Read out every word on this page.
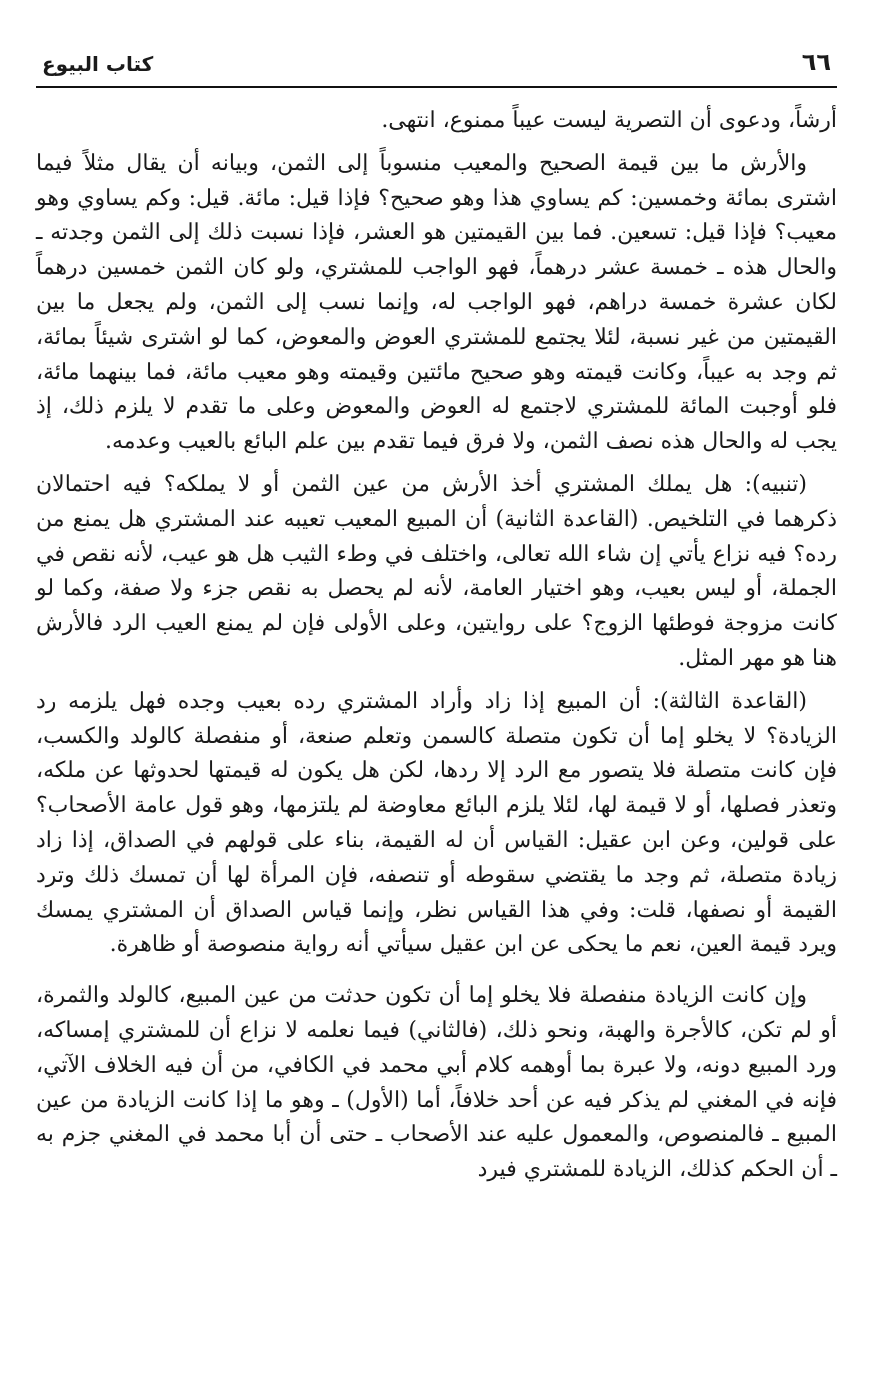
٦٦
كتاب البيوع

أرشاً، ودعوى أن التصرية ليست عيباً ممنوع، انتهى.

والأرش ما بين قيمة الصحيح والمعيب منسوباً إلى الثمن، وبيانه أن يقال مثلاً فيما اشترى بمائة وخمسين: كم يساوي هذا وهو صحيح؟ فإذا قيل: مائة. قيل: وكم يساوي وهو معيب؟ فإذا قيل: تسعين. فما بين القيمتين هو العشر، فإذا نسبت ذلك إلى الثمن وجدته ـ والحال هذه ـ خمسة عشر درهماً، فهو الواجب للمشتري، ولو كان الثمن خمسين درهماً لكان عشرة خمسة دراهم، فهو الواجب له، وإنما نسب إلى الثمن، ولم يجعل ما بين القيمتين من غير نسبة، لئلا يجتمع للمشتري العوض والمعوض، كما لو اشترى شيئاً بمائة، ثم وجد به عيباً، وكانت قيمته وهو صحيح مائتين وقيمته وهو معيب مائة، فما بينهما مائة، فلو أوجبت المائة للمشتري لاجتمع له العوض والمعوض وعلى ما تقدم لا يلزم ذلك، إذ يجب له والحال هذه نصف الثمن، ولا فرق فيما تقدم بين علم البائع بالعيب وعدمه.

(تنبيه): هل يملك المشتري أخذ الأرش من عين الثمن أو لا يملكه؟ فيه احتمالان ذكرهما في التلخيص. (القاعدة الثانية) أن المبيع المعيب تعيبه عند المشتري هل يمنع من رده؟ فيه نزاع يأتي إن شاء الله تعالى، واختلف في وطء الثيب هل هو عيب، لأنه نقص في الجملة، أو ليس بعيب، وهو اختيار العامة، لأنه لم يحصل به نقص جزء ولا صفة، وكما لو كانت مزوجة فوطئها الزوج؟ على روايتين، وعلى الأولى فإن لم يمنع العيب الرد فالأرش هنا هو مهر المثل.

(القاعدة الثالثة): أن المبيع إذا زاد وأراد المشتري رده بعيب وجده فهل يلزمه رد الزيادة؟ لا يخلو إما أن تكون متصلة كالسمن وتعلم صنعة، أو منفصلة كالولد والكسب، فإن كانت متصلة فلا يتصور مع الرد إلا ردها، لكن هل يكون له قيمتها لحدوثها عن ملكه، وتعذر فصلها، أو لا قيمة لها، لئلا يلزم البائع معاوضة لم يلتزمها، وهو قول عامة الأصحاب؟ على قولين، وعن ابن عقيل: القياس أن له القيمة، بناء على قولهم في الصداق، إذا زاد زيادة متصلة، ثم وجد ما يقتضي سقوطه أو تنصفه، فإن المرأة لها أن تمسك ذلك وترد القيمة أو نصفها، قلت: وفي هذا القياس نظر، وإنما قياس الصداق أن المشتري يمسك ويرد قيمة العين، نعم ما يحكى عن ابن عقيل سيأتي أنه رواية منصوصة أو ظاهرة.

وإن كانت الزيادة منفصلة فلا يخلو إما أن تكون حدثت من عين المبيع، كالولد والثمرة، أو لم تكن، كالأجرة والهبة، ونحو ذلك، (فالثاني) فيما نعلمه لا نزاع أن للمشتري إمساكه، ورد المبيع دونه، ولا عبرة بما أوهمه كلام أبي محمد في الكافي، من أن فيه الخلاف الآتي، فإنه في المغني لم يذكر فيه عن أحد خلافاً، أما (الأول) ـ وهو ما إذا كانت الزيادة من عين المبيع ـ فالمنصوص، والمعمول عليه عند الأصحاب ـ حتى أن أبا محمد في المغني جزم به ـ أن الحكم كذلك، الزيادة للمشتري فيرد
